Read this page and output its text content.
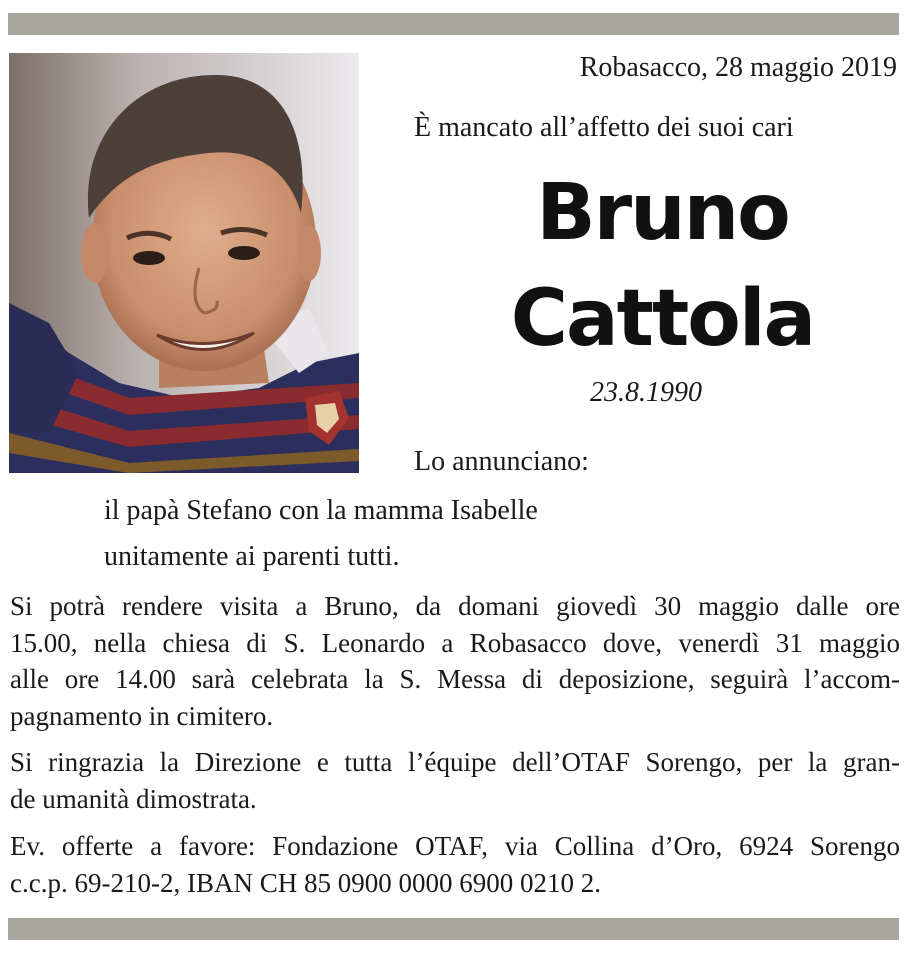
Robasacco, 28 maggio 2019
È mancato all’affetto dei suoi cari
Bruno
Cattola
23.8.1990
Lo annunciano:
il papà Stefano con la mamma Isabelle
unitamente ai parenti tutti.

Si potrà rendere visita a Bruno, da domani giovedì 30 maggio dalle ore
15.00, nella chiesa di S. Leonardo a Robasacco dove, venerdì 31 maggio
alle ore 14.00 sarà celebrata la S. Messa di deposizione, seguirà l’accom-
pagnamento in cimitero.

Si ringrazia la Direzione e tutta l’équipe dell’OTAF Sorengo, per la gran-
de umanità dimostrata.

Ev. offerte a favore: Fondazione OTAF, via Collina d’Oro, 6924 Sorengo
c.c.p. 69-210-2, IBAN CH 85 0900 0000 6900 0210 2.
